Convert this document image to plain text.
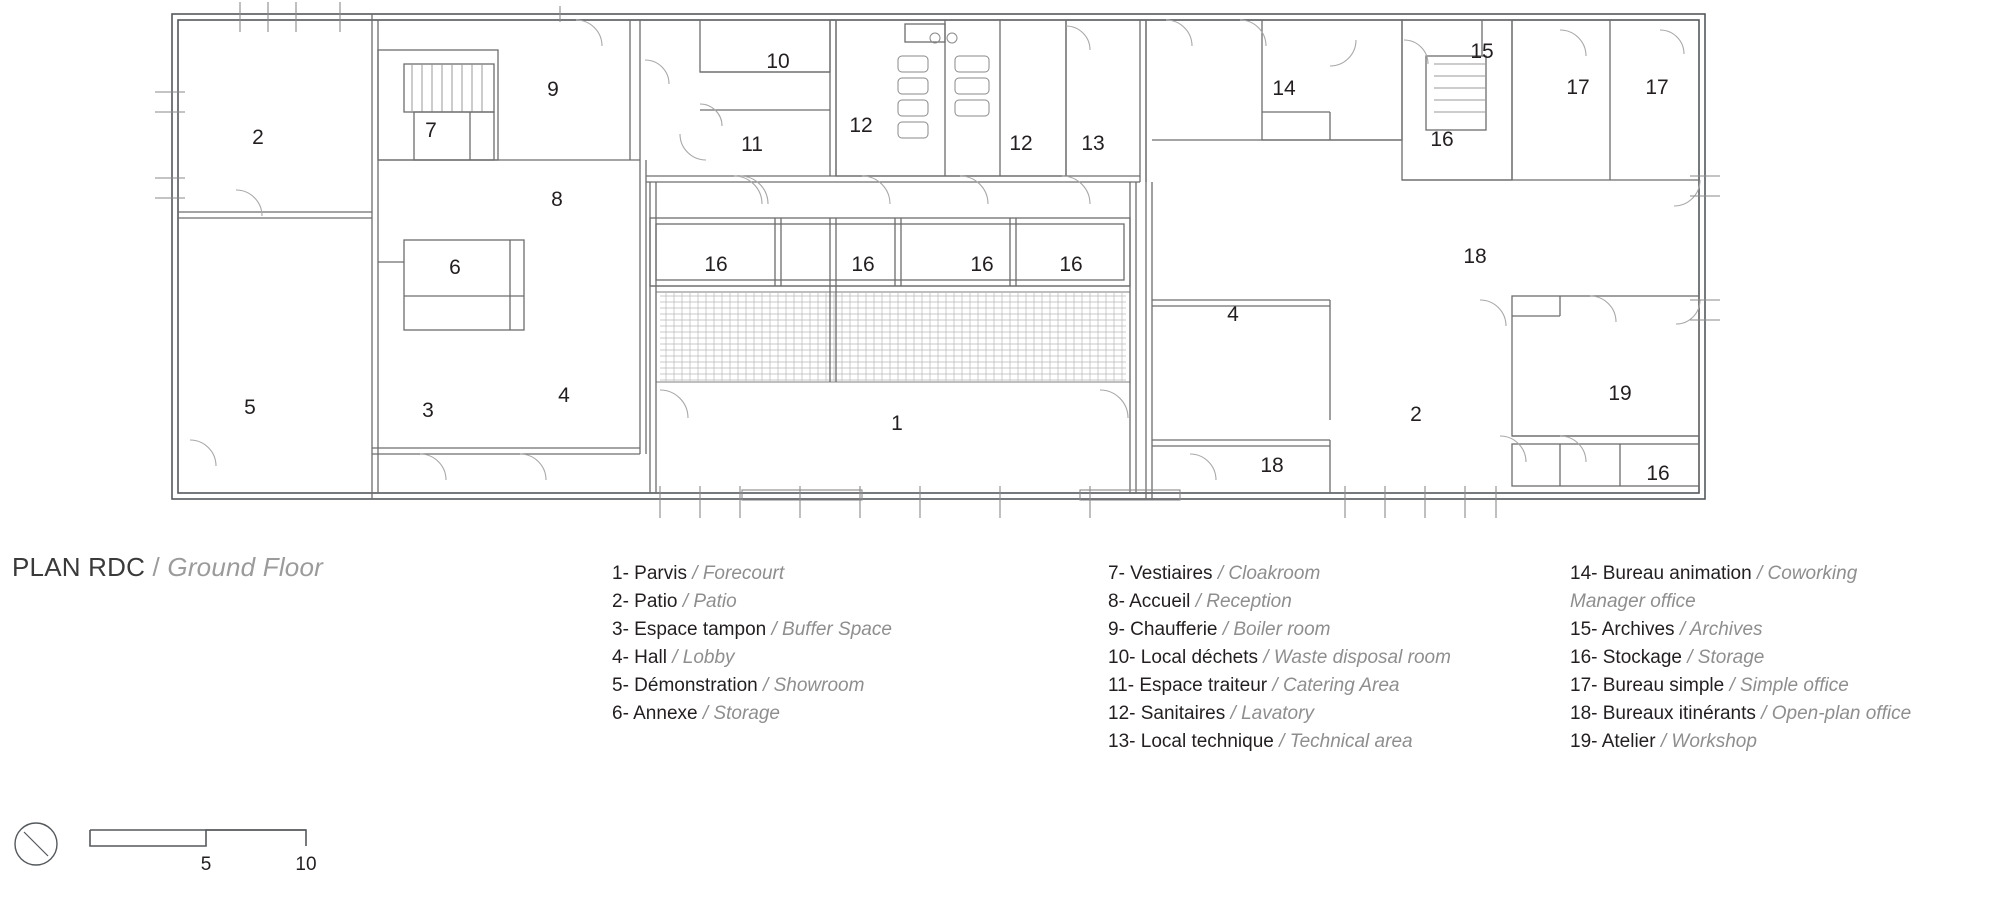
2
9
7
10
11
12
12 13
14
15
17	17
16
8
6	16	16	16	16	18
4
19
5	3
4
1	2
18	16
PLAN RDC / Ground Floor	1- Parvis / Forecourt
2- Patio / Patio
3- Espace tampon / Buffer Space
4- Hall / Lobby
5- Démonstration / Showroom
6- Annexe / Storage
7- Vestiaires / Cloakroom
8- Accueil / Reception
9- Chaufferie / Boiler room
10- Local déchets / Waste disposal room
11- Espace traiteur / Catering Area
12- Sanitaires / Lavatory
13- Local technique / Technical area
14- Bureau animation / Coworking
Manager office
15- Archives / Archives
16- Stockage / Storage
17- Bureau simple / Simple office
18- Bureaux itinérants / Open-plan office
19- Atelier / Workshop
5	10
